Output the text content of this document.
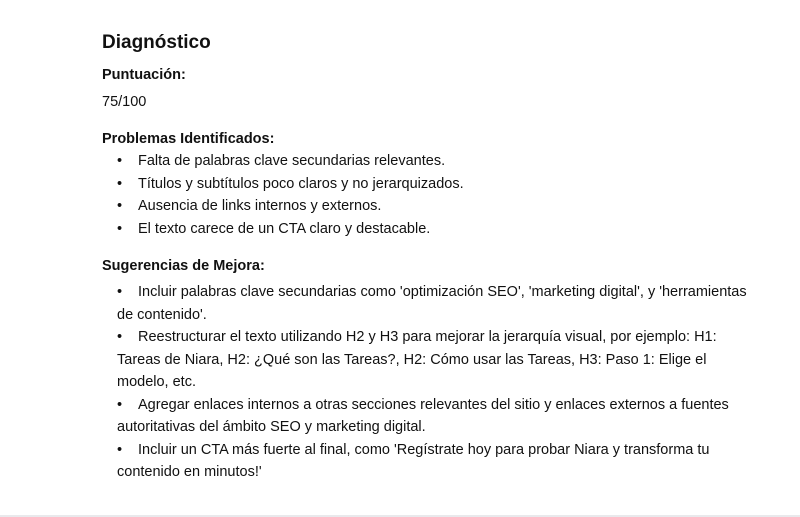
Diagnóstico

Puntuación:

75/100

Problemas Identificados:

• Falta de palabras clave secundarias relevantes.
• Títulos y subtítulos poco claros y no jerarquizados.
• Ausencia de links internos y externos.
• El texto carece de un CTA claro y destacable.

Sugerencias de Mejora:

• Incluir palabras clave secundarias como 'optimización SEO', 'marketing digital', y 'herramientas de contenido'.
• Reestructurar el texto utilizando H2 y H3 para mejorar la jerarquía visual, por ejemplo: H1: Tareas de Niara, H2: ¿Qué son las Tareas?, H2: Cómo usar las Tareas, H3: Paso 1: Elige el modelo, etc.
• Agregar enlaces internos a otras secciones relevantes del sitio y enlaces externos a fuentes autoritativas del ámbito SEO y marketing digital.
• Incluir un CTA más fuerte al final, como 'Regístrate hoy para probar Niara y transforma tu contenido en minutos!'
